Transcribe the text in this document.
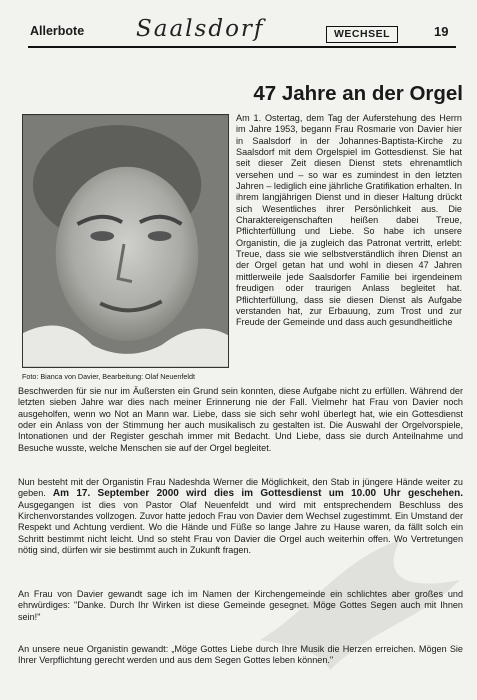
Allerbote Saalsdorf	WECHSEL	19
47 Jahre an der Orgel
Foto: Bianca von Davier, Bearbeitung: Olaf Neuenfeldt

Am 1. Ostertag, dem Tag der Auferstehung des Herrn im Jahre 1953, begann Frau Rosmarie von Davier hier in Saalsdorf in der Johannes-Baptista-Kirche zu Saalsdorf mit dem Orgelspiel im Gottesdienst. Sie hat seit dieser Zeit diesen Dienst stets ehrenamtlich versehen und – so war es zumindest in den letzten Jahren – lediglich eine jährliche Gratifikation erhalten. In ihrem langjährigen Dienst und in dieser Haltung drückt sich Wesentliches ihrer Persönlichkeit aus. Die Charaktereigenschaften heißen dabei Treue, Pflichterfüllung und Liebe. So habe ich unsere Organistin, die ja zugleich das Patronat vertritt, erlebt: Treue, dass sie wie selbstverständlich ihren Dienst an der Orgel getan hat und wohl in diesen 47 Jahren mittlerweile jede Saalsdorfer Familie bei irgendeinem freudigen oder traurigen Anlass begleitet hat. Pflichterfüllung, dass sie diesen Dienst als Aufgabe verstanden hat, zur Erbauung, zum Trost und zur Freude der Gemeinde und dass auch gesundheitliche

Beschwerden für sie nur im Äußersten ein Grund sein konnten, diese Aufgabe nicht zu erfüllen. Während der letzten sieben Jahre war dies nach meiner Erinnerung nie der Fall. Vielmehr hat Frau von Davier noch ausgeholfen, wenn wo Not an Mann war. Liebe, dass sie sich sehr wohl überlegt hat, wie ein Gottesdienst oder ein Anlass von der Stimmung her auch musikalisch zu gestalten ist. Die Auswahl der Orgelvorspiele, Intonationen und der Register geschah immer mit Bedacht. Und Liebe, dass sie durch Anteilnahme und Besuche wusste, welche Menschen sie auf der Orgel begleitet.

Nun besteht mit der Organistin Frau Nadeshda Werner die Möglichkeit, den Stab in jüngere Hände weiter zu geben. Am 17. September 2000 wird dies im Gottesdienst um 10.00 Uhr geschehen. Ausgegangen ist dies von Pastor Olaf Neuenfeldt und wird mit entsprechendem Beschluss des Kirchenvorstandes vollzogen. Zuvor hatte jedoch Frau von Davier dem Wechsel zugestimmt. Ein Umstand der Respekt und Achtung verdient. Wo die Hände und Füße so lange Jahre zu Hause waren, da fällt solch ein Schritt bestimmt nicht leicht. Und so steht Frau von Davier die Orgel auch weiterhin offen. Wo Vertretungen nötig sind, dürfen wir sie bestimmt auch in Zukunft fragen.

An Frau von Davier gewandt sage ich im Namen der Kirchengemeinde ein schlichtes aber großes und ehrwürdiges: "Danke. Durch Ihr Wirken ist diese Gemeinde gesegnet. Möge Gottes Segen auch mit Ihnen sein!"

An unsere neue Organistin gewandt: „Möge Gottes Liebe durch Ihre Musik die Herzen erreichen. Mögen Sie Ihrer Verpflichtung gerecht werden und aus dem Segen Gottes leben können."
